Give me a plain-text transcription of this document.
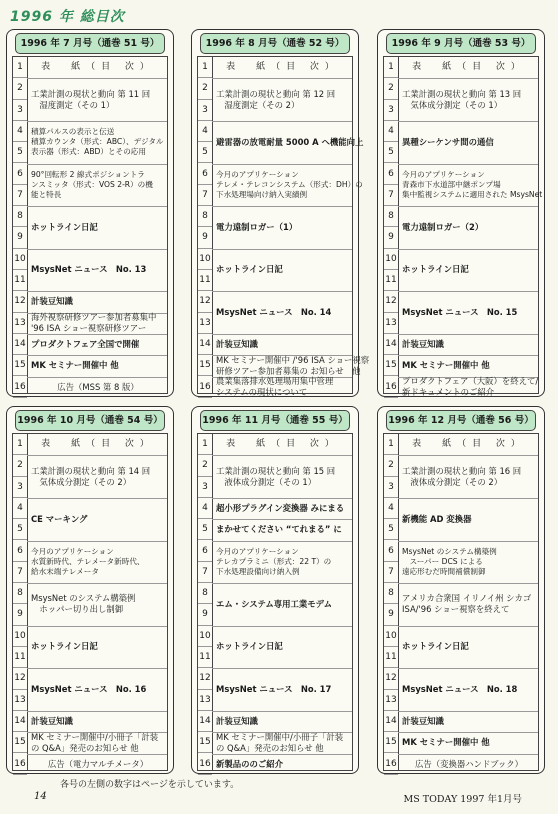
1996 年 総目次
1996 年 7 月号（通巻 51 号）
1
2
3
4
5
6
7
8
9
10
11
12
13
14
15
16
表　紙（目 次）
工業計測の現状と動向 第 11 回
　湿度測定（その 1）
積算パルスの表示と伝送
積算カウンタ（形式：ABC）、デジタル
表示器（形式：ABD）とその応用
90°回転形 2 線式ポジショントラ
ンスミッタ（形式：VOS 2-R）の機
能と特長
ホットライン日記
MsysNet ニュース　No. 13
計装豆知識
海外視察研修ツアー参加者募集中
'96 ISA ショー視察研修ツアー
プロダクトフェア全国で開催
MK セミナー開催中 他
広告（MSS 第 8 版）
1996 年 8 月号（通巻 52 号）
1
2
3
4
5
6
7
8
9
10
11
12
13
14
15
16
表　紙（目 次）
工業計測の現状と動向 第 12 回
　湿度測定（その 2）
避雷器の放電耐量 5000 A へ機能向上
今月のアプリケーション
テレメ・テレコンシステム（形式：DH）の
下水処理場向け納入実績例
電力遠制ロガー（1）
ホットライン日記
MsysNet ニュース　No. 14
計装豆知識
MK セミナー開催中 /'96 ISA ショー視察
研修ツアー参加者募集の お知らせ　他
農業集落排水処理場用集中管理
システムの現状について
1996 年 9 月号（通巻 53 号）
1
2
3
4
5
6
7
8
9
10
11
12
13
14
15
16
表　紙（目 次）
工業計測の現状と動向 第 13 回
　気体成分測定（その 1）
異種シーケンサ間の通信
今月のアプリケーション
青森市下水道部中継ポンプ場
集中監視システムに適用された MsysNet
電力遠制ロガー（2）
ホットライン日記
MsysNet ニュース　No. 15
計装豆知識
MK セミナー開催中 他
プロダクトフェア（大阪）を終えて/
新ドキュメントのご紹介
1996 年 10 月号（通巻 54 号）
1
2
3
4
5
6
7
8
9
10
11
12
13
14
15
16
表　紙（目 次）
工業計測の現状と動向 第 14 回
　気体成分測定（その 2）
CE マーキング
今月のアプリケーション
水質新時代、テレメータ新時代、
給水末端テレメータ
MsysNet のシステム構築例
　ホッパー切り出し制御
ホットライン日記
MsysNet ニュース　No. 16
計装豆知識
MK セミナー開催中/小冊子「計装
の Q&A」発売のお知らせ 他
広告（電力マルチメータ）
1996 年 11 月号（通巻 55 号）
1
2
3
4
5
6
7
8
9
10
11
12
13
14
15
16
表　紙（目 次）
工業計測の現状と動向 第 15 回
　液体成分測定（その 1）
超小形プラグイン変換器 みにまる
まかせてください “てれまる” に
今月のアプリケーション
テレカプラミニ（形式：22 T）の
下水処理設備向け納入例
エム・システム専用工業モデム
ホットライン日記
MsysNet ニュース　No. 17
計装豆知識
MK セミナー開催中/小冊子「計装
の Q&A」発売のお知らせ 他
新製品ののご紹介
1996 年 12 月号（通巻 56 号）
1
2
3
4
5
6
7
8
9
10
11
12
13
14
15
16
表　紙（目 次）
工業計測の現状と動向 第 16 回
　液体成分測定（その 2）
新機能 AD 変換器
MsysNet のシステム構築例
　スーパー DCS による
遠応形むだ時間補償制御
アメリカ合衆国 イリノイ州 シカゴ
ISA/'96 ショー視察を終えて
ホットライン日記
MsysNet ニュース　No. 18
計装豆知識
MK セミナー開催中 他
広告（変換器ハンドブック）
各号の左側の数字はページを示しています。
14	MS TODAY 1997 年1月号
